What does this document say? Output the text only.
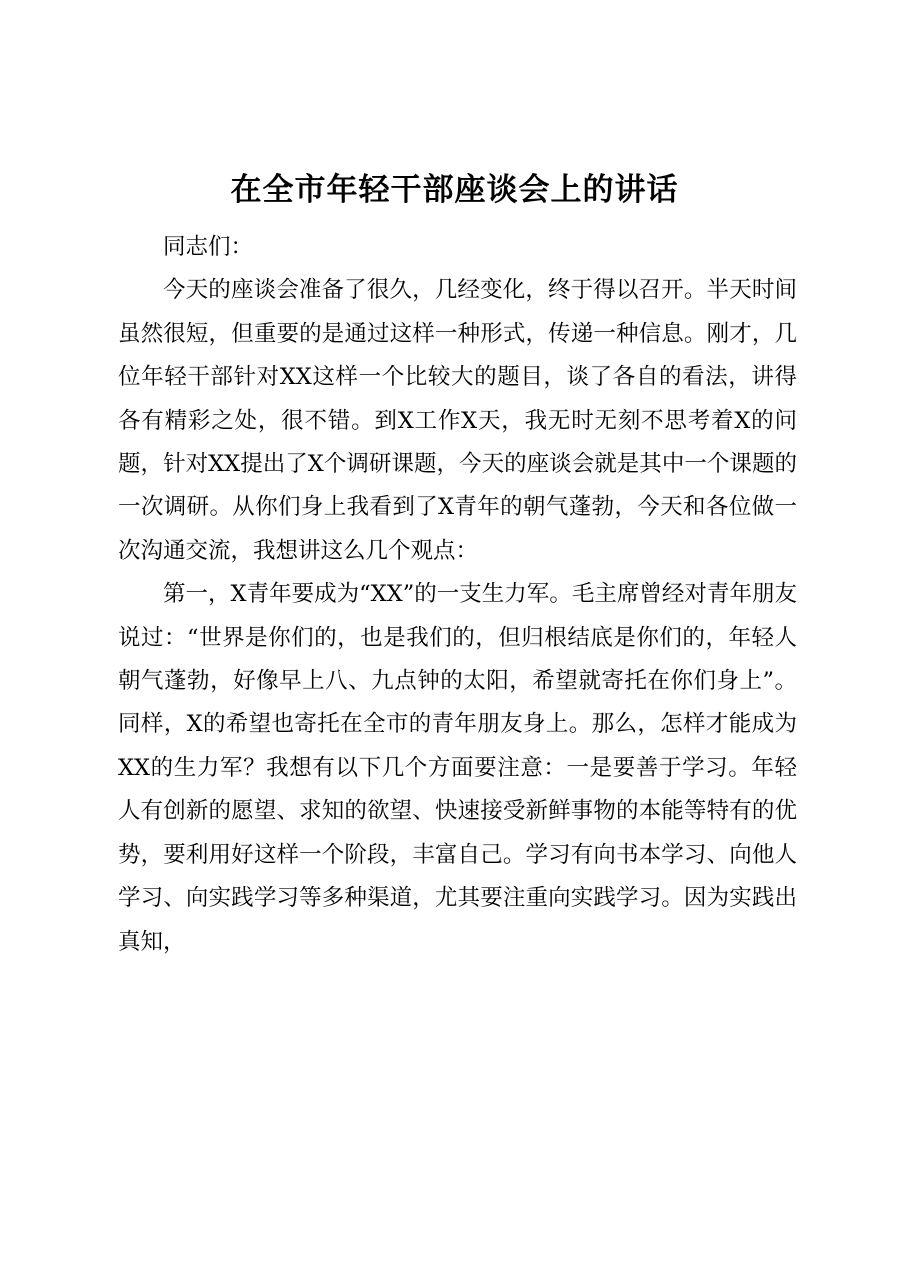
在全市年轻干部座谈会上的讲话

同志们：

今天的座谈会准备了很久，几经变化，终于得以召开。半天时间虽然很短，但重要的是通过这样一种形式，传递一种信息。刚才，几位年轻干部针对XX这样一个比较大的题目，谈了各自的看法，讲得各有精彩之处，很不错。到X工作X天，我无时无刻不思考着X的问题，针对XX提出了X个调研课题，今天的座谈会就是其中一个课题的一次调研。从你们身上我看到了X青年的朝气蓬勃，今天和各位做一次沟通交流，我想讲这么几个观点：

第一，X青年要成为“XX”的一支生力军。毛主席曾经对青年朋友说过：“世界是你们的，也是我们的，但归根结底是你们的，年轻人朝气蓬勃，好像早上八、九点钟的太阳，希望就寄托在你们身上”。同样，X的希望也寄托在全市的青年朋友身上。那么，怎样才能成为XX的生力军？我想有以下几个方面要注意：一是要善于学习。年轻人有创新的愿望、求知的欲望、快速接受新鲜事物的本能等特有的优势，要利用好这样一个阶段，丰富自己。学习有向书本学习、向他人学习、向实践学习等多种渠道，尤其要注重向实践学习。因为实践出真知，
